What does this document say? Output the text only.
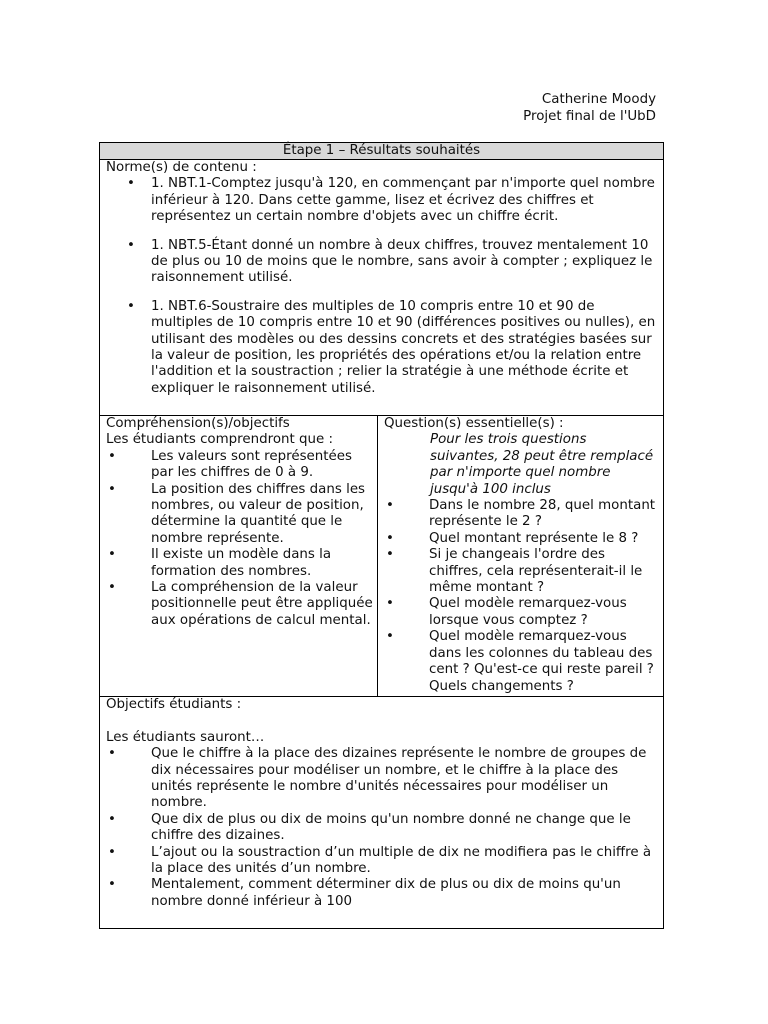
Catherine Moody
Projet final de l'UbD
Étape 1 – Résultats souhaités

Norme(s) de contenu :
• 1. NBT.1-Comptez jusqu'à 120, en commençant par n'importe quel nombre inférieur à 120. Dans cette gamme, lisez et écrivez des chiffres et représentez un certain nombre d'objets avec un chiffre écrit.
• 1. NBT.5-Étant donné un nombre à deux chiffres, trouvez mentalement 10 de plus ou 10 de moins que le nombre, sans avoir à compter ; expliquez le raisonnement utilisé.
• 1. NBT.6-Soustraire des multiples de 10 compris entre 10 et 90 de multiples de 10 compris entre 10 et 90 (différences positives ou nulles), en utilisant des modèles ou des dessins concrets et des stratégies basées sur la valeur de position, les propriétés des opérations et/ou la relation entre l'addition et la soustraction ; relier la stratégie à une méthode écrite et expliquer le raisonnement utilisé.

Compréhension(s)/objectifs
Les étudiants comprendront que :
• Les valeurs sont représentées par les chiffres de 0 à 9.
• La position des chiffres dans les nombres, ou valeur de position, détermine la quantité que le nombre représente.
• Il existe un modèle dans la formation des nombres.
• La compréhension de la valeur positionnelle peut être appliquée aux opérations de calcul mental.

Question(s) essentielle(s) :
Pour les trois questions suivantes, 28 peut être remplacé par n'importe quel nombre jusqu'à 100 inclus
• Dans le nombre 28, quel montant représente le 2 ?
• Quel montant représente le 8 ?
• Si je changeais l'ordre des chiffres, cela représenterait-il le même montant ?
• Quel modèle remarquez-vous lorsque vous comptez ?
• Quel modèle remarquez-vous dans les colonnes du tableau des cent ? Qu'est-ce qui reste pareil ? Quels changements ?

Objectifs étudiants :
Les étudiants sauront…
• Que le chiffre à la place des dizaines représente le nombre de groupes de dix nécessaires pour modéliser un nombre, et le chiffre à la place des unités représente le nombre d'unités nécessaires pour modéliser un nombre.
• Que dix de plus ou dix de moins qu'un nombre donné ne change que le chiffre des dizaines.
• L’ajout ou la soustraction d’un multiple de dix ne modifiera pas le chiffre à la place des unités d’un nombre.
• Mentalement, comment déterminer dix de plus ou dix de moins qu'un nombre donné inférieur à 100
